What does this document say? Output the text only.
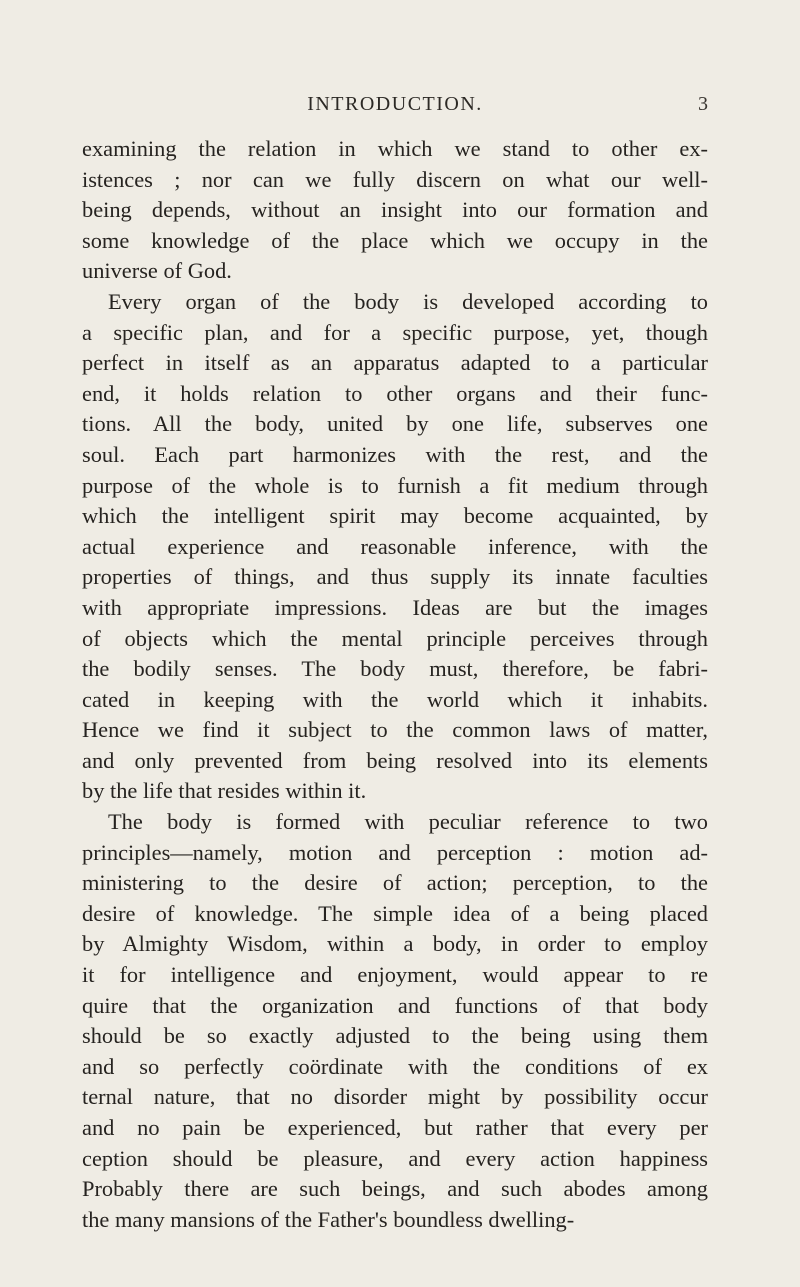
INTRODUCTION.	3
examining the relation in which we stand to other ex-
istences ; nor can we fully discern on what our well-
being depends, without an insight into our formation and
some knowledge of the place which we occupy in the
universe of God.
Every organ of the body is developed according to
a specific plan, and for a specific purpose, yet, though
perfect in itself as an apparatus adapted to a particular
end, it holds relation to other organs and their func-
tions. All the body, united by one life, subserves one
soul. Each part harmonizes with the rest, and the
purpose of the whole is to furnish a fit medium through
which the intelligent spirit may become acquainted, by
actual experience and reasonable inference, with the
properties of things, and thus supply its innate faculties
with appropriate impressions. Ideas are but the images
of objects which the mental principle perceives through
the bodily senses. The body must, therefore, be fabri-
cated in keeping with the world which it inhabits.
Hence we find it subject to the common laws of matter,
and only prevented from being resolved into its elements
by the life that resides within it.
The body is formed with peculiar reference to two
principles—namely, motion and perception : motion ad-
ministering to the desire of action; perception, to the
desire of knowledge. The simple idea of a being placed
by Almighty Wisdom, within a body, in order to employ
it for intelligence and enjoyment, would appear to re
quire that the organization and functions of that body
should be so exactly adjusted to the being using them
and so perfectly coördinate with the conditions of ex
ternal nature, that no disorder might by possibility occur
and no pain be experienced, but rather that every per
ception should be pleasure, and every action happiness
Probably there are such beings, and such abodes among
the many mansions of the Father's boundless dwelling-
